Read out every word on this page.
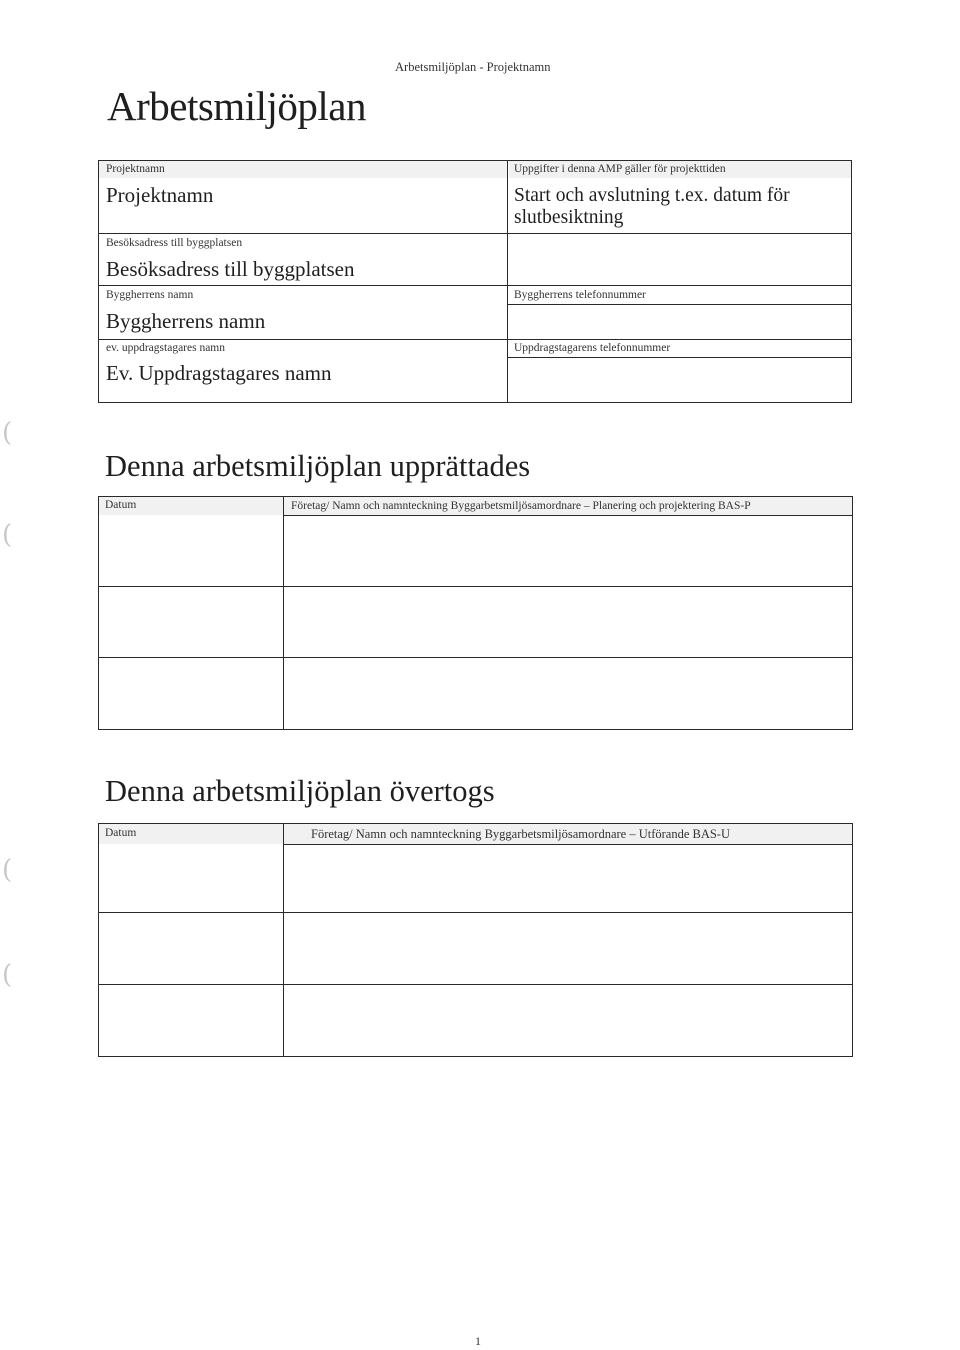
Arbetsmiljöplan - Projektnamn
Arbetsmiljöplan
(
(
(
(
Projektnamn
Projektnamn
Besöksadress till byggplatsen
Besöksadress till byggplatsen
Byggherrens namn
Byggherrens namn
ev. uppdragstagares namn
Ev. Uppdragstagares namn
Uppgifter i denna AMP gäller för projekttiden
Start och avslutning t.ex. datum för slutbesiktning
Byggherrens telefonnummer
Uppdragstagarens telefonnummer
Denna arbetsmiljöplan upprättades
Datum	Företag/ Namn och namnteckning Byggarbetsmiljösamordnare – Planering och projektering BAS-P
Denna arbetsmiljöplan övertogs
Datum	Företag/ Namn och namnteckning Byggarbetsmiljösamordnare – Utförande BAS-U
1
